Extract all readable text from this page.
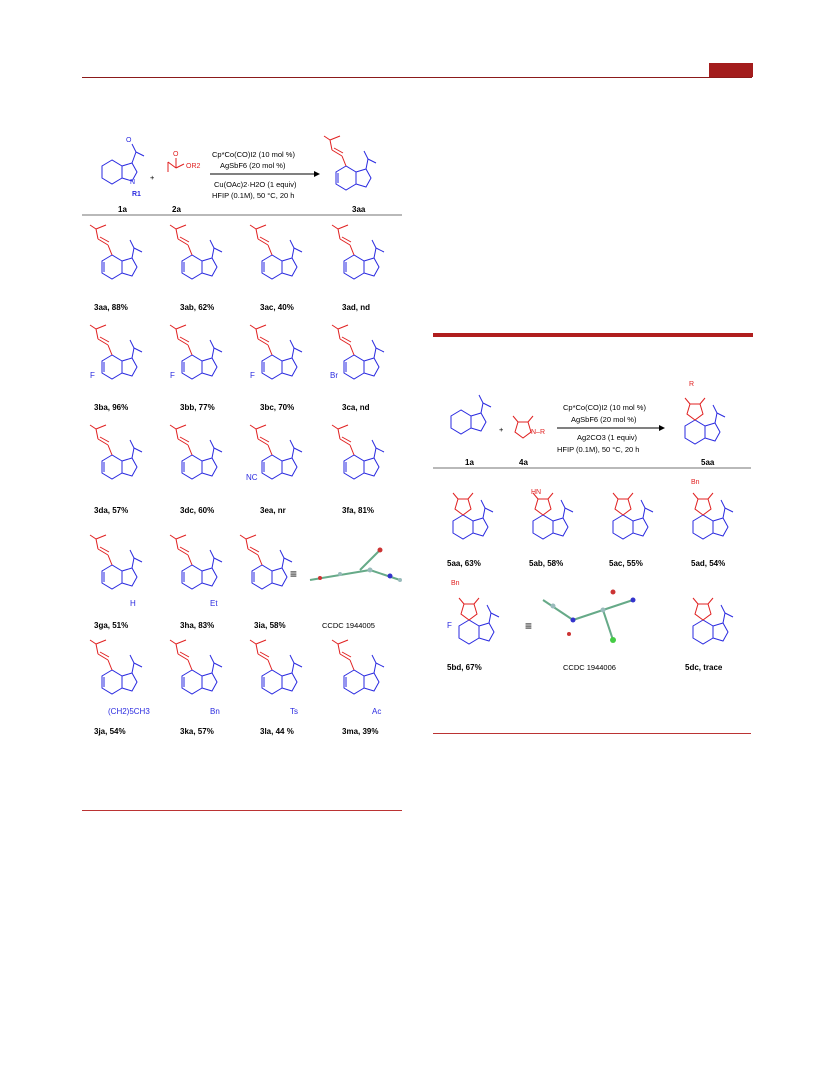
O
N
R1
1a
+
O
OR2
2a
Cp*Co(CO)I2 (10 mol %)
AgSbF6 (20 mol %)
Cu(OAc)2·H2O (1 equiv)
HFIP (0.1M), 50 °C, 20 h
3aa
3aa, 88%	3ab, 62%	3ac, 40%	3ad, nd
F	F	F	Br
3ba, 96%	3bb, 77%	3bc, 70%	3ca, nd
NC
3da, 57%	3dc, 60%	3ea, nr	3fa, 81%
H	Et
≡
3ga, 51%	3ha, 83%	3ia, 58%	CCDC 1944005
(CH2)5CH3	Bn	Ts	Ac
3ja, 54%	3ka, 57%	3la, 44 %	3ma, 39%
1a
+	N–R
4a
Cp*Co(CO)I2 (10 mol %)
AgSbF6 (20 mol %)
Ag2CO3 (1 equiv)
HFIP (0.1M), 50 °C, 20 h
R
5aa
HN
Bn
5aa, 63%	5ab, 58%	5ac, 55%	5ad, 54%
Bn
F	≡
5bd, 67%	CCDC 1944006	5dc, trace
